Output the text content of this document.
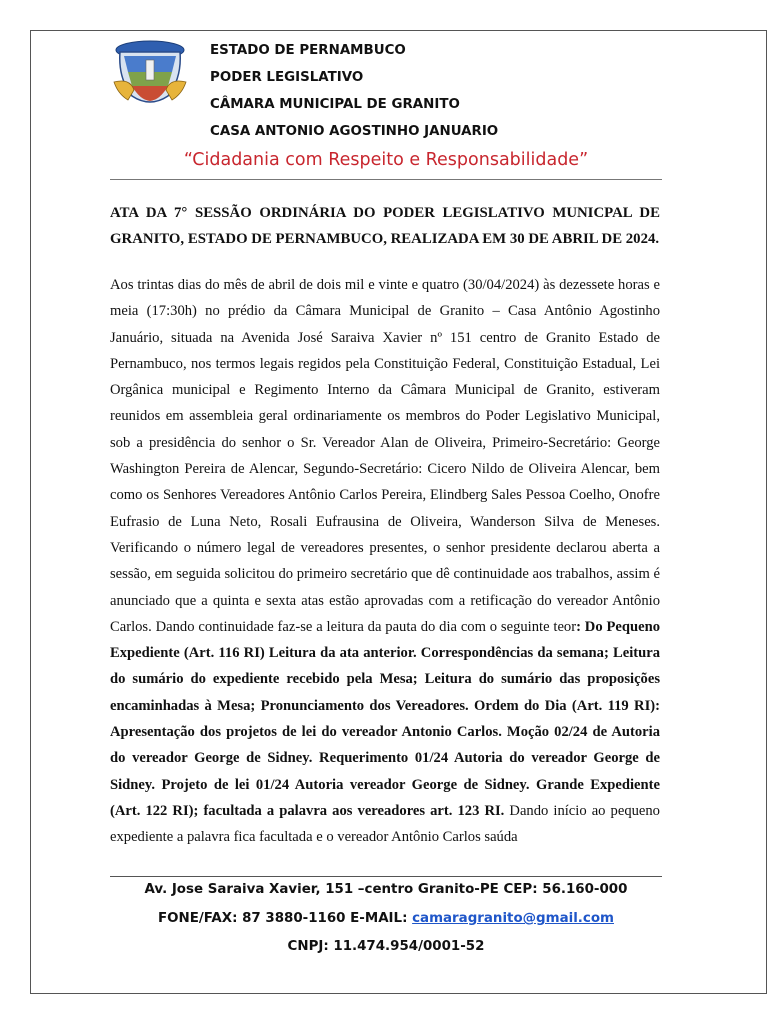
ESTADO DE PERNAMBUCO
PODER LEGISLATIVO
CÂMARA MUNICIPAL DE GRANITO
CASA ANTONIO AGOSTINHO JANUARIO
“Cidadania com Respeito e Responsabilidade”

ATA DA 7° SESSÃO ORDINÁRIA DO PODER LEGISLATIVO MUNICPAL DE GRANITO, ESTADO DE PERNAMBUCO, REALIZADA EM 30 DE ABRIL DE 2024.

Aos trintas dias do mês de abril de dois mil e vinte e quatro (30/04/2024) às dezessete horas e meia (17:30h) no prédio da Câmara Municipal de Granito – Casa Antônio Agostinho Januário, situada na Avenida José Saraiva Xavier nº 151 centro de Granito Estado de Pernambuco, nos termos legais regidos pela Constituição Federal, Constituição Estadual, Lei Orgânica municipal e Regimento Interno da Câmara Municipal de Granito, estiveram reunidos em assembleia geral ordinariamente os membros do Poder Legislativo Municipal, sob a presidência do senhor o Sr. Vereador Alan de Oliveira, Primeiro-Secretário: George Washington Pereira de Alencar, Segundo-Secretário: Cicero Nildo de Oliveira Alencar, bem como os Senhores Vereadores Antônio Carlos Pereira, Elindberg Sales Pessoa Coelho, Onofre Eufrasio de Luna Neto, Rosali Eufrausina de Oliveira, Wanderson Silva de Meneses. Verificando o número legal de vereadores presentes, o senhor presidente declarou aberta a sessão, em seguida solicitou do primeiro secretário que dê continuidade aos trabalhos, assim é anunciado que a quinta e sexta atas estão aprovadas com a retificação do vereador Antônio Carlos. Dando continuidade faz-se a leitura da pauta do dia com o seguinte teor: Do Pequeno Expediente (Art. 116 RI) Leitura da ata anterior. Correspondências da semana; Leitura do sumário do expediente recebido pela Mesa; Leitura do sumário das proposições encaminhadas à Mesa; Pronunciamento dos Vereadores. Ordem do Dia (Art. 119 RI): Apresentação dos projetos de lei do vereador Antonio Carlos. Moção 02/24 de Autoria do vereador George de Sidney. Requerimento 01/24 Autoria do vereador George de Sidney. Projeto de lei 01/24 Autoria vereador George de Sidney. Grande Expediente (Art. 122 RI); facultada a palavra aos vereadores art. 123 RI. Dando início ao pequeno expediente a palavra fica facultada e o vereador Antônio Carlos saúda

Av. Jose Saraiva Xavier, 151 –centro Granito-PE CEP: 56.160-000
FONE/FAX: 87 3880-1160 E-MAIL: camaragranito@gmail.com
CNPJ: 11.474.954/0001-52
